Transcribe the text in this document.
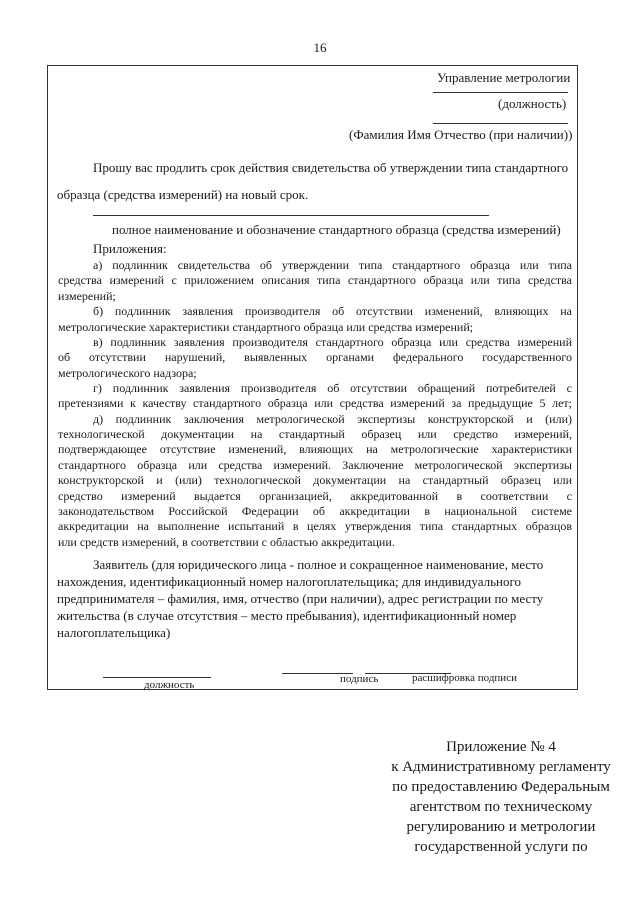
16
Управление метрологии
(должность)
(Фамилия Имя Отчество (при наличии))
Прошу вас продлить срок действия свидетельства об утверждении типа стандартного
образца (средства измерений) на новый срок.
полное наименование и обозначение стандартного образца (средства измерений)
Приложения:
а) подлинник свидетельства об утверждении типа стандартного образца или типа
средства измерений с приложением описания типа стандартного образца или типа средства
измерений;
б) подлинник заявления производителя об отсутствии изменений, влияющих на
метрологические характеристики стандартного образца или средства измерений;
в) подлинник заявления производителя стандартного образца или средства измерений
об отсутствии нарушений, выявленных органами федерального государственного
метрологического надзора;
г) подлинник заявления производителя об отсутствии обращений потребителей с
претензиями к качеству стандартного образца или средства измерений за предыдущие 5 лет;
д) подлинник заключения метрологической экспертизы конструкторской и (или)
технологической документации на стандартный образец или средство измерений,
подтверждающее отсутствие изменений, влияющих на метрологические характеристики
стандартного образца или средства измерений. Заключение метрологической экспертизы
конструкторской и (или) технологической документации на стандартный образец или
средство измерений выдается организацией, аккредитованной в соответствии с
законодательством Российской Федерации об аккредитации в национальной системе
аккредитации на выполнение испытаний в целях утверждения типа стандартных образцов
или средств измерений, в соответствии с областью аккредитации.
Заявитель (для юридического лица - полное и сокращенное наименование, место
нахождения, идентификационный номер налогоплательщика; для индивидуального
предпринимателя – фамилия, имя, отчество (при наличии), адрес регистрации по месту
жительства (в случае отсутствия – место пребывания), идентификационный номер
налогоплательщика)
должность	подпись	расшифровка подписи
Приложение № 4
к Административному регламенту
по предоставлению Федеральным
агентством по техническому
регулированию и метрологии
государственной услуги по
